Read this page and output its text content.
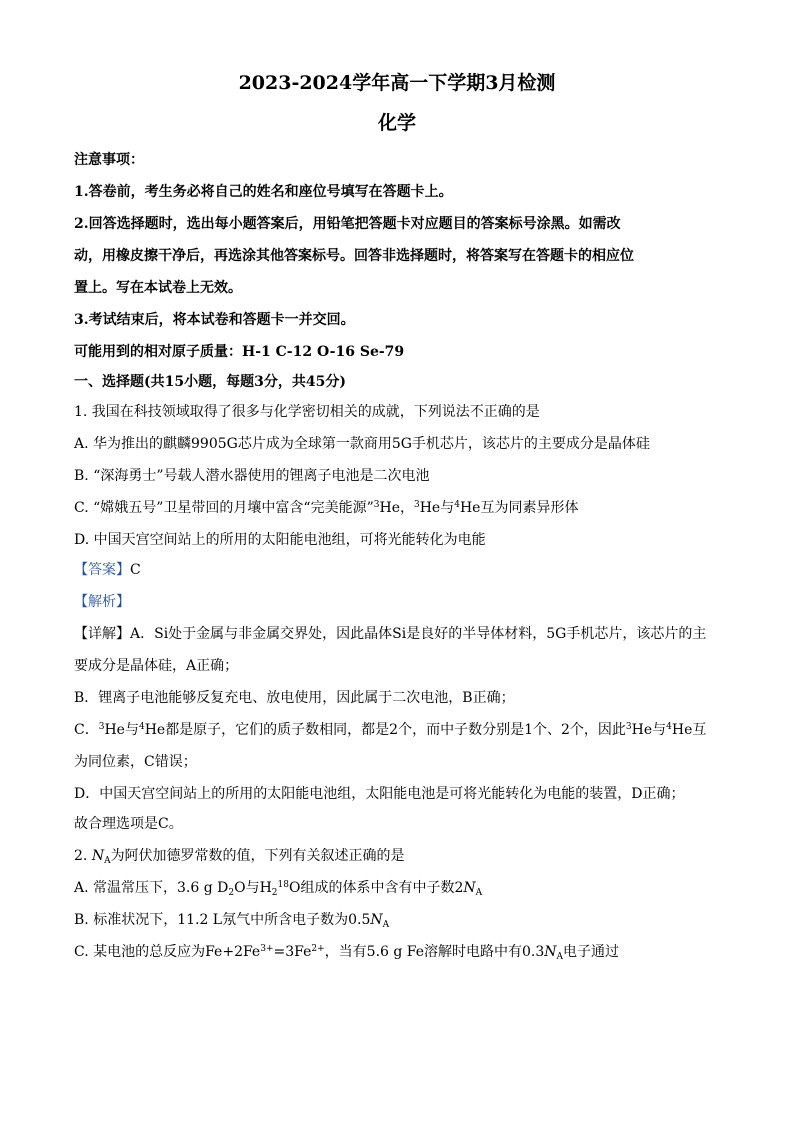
2023-2024学年高一下学期3月检测
化学
注意事项：
1.答卷前，考生务必将自己的姓名和座位号填写在答题卡上。
2.回答选择题时，选出每小题答案后，用铅笔把答题卡对应题目的答案标号涂黑。如需改
动，用橡皮擦干净后，再选涂其他答案标号。回答非选择题时，将答案写在答题卡的相应位
置上。写在本试卷上无效。
3.考试结束后，将本试卷和答题卡一并交回。
可能用到的相对原子质量：H-1 C-12 O-16 Se-79
一、选择题(共15小题，每题3分，共45分)
1. 我国在科技领域取得了很多与化学密切相关的成就，下列说法不正确的是
A. 华为推出的麒麟9905G芯片成为全球第一款商用5G手机芯片，该芯片的主要成分是晶体硅
B. “深海勇士”号载人潜水器使用的锂离子电池是二次电池
C. “嫦娥五号”卫星带回的月壤中富含“完美能源”$^3$He，$^3$He与$^4$He互为同素异形体
D. 中国天宫空间站上的所用的太阳能电池组，可将光能转化为电能
【答案】C
【解析】
【详解】A．Si处于金属与非金属交界处，因此晶体Si是良好的半导体材料，5G手机芯片，该芯片的主
要成分是晶体硅，A正确；
B．锂离子电池能够反复充电、放电使用，因此属于二次电池，B正确；
C．$^3$He与$^4$He都是原子，它们的质子数相同，都是2个，而中子数分别是1个、2个，因此$^3$He与$^4$He互
为同位素，C错误；
D．中国天宫空间站上的所用的太阳能电池组，太阳能电池是可将光能转化为电能的装置，D正确；
故合理选项是C。
2. $N_A$为阿伏加德罗常数的值，下列有关叙述正确的是
A. 常温常压下，3.6 g $D_2O$与$H_2^{18}O$组成的体系中含有中子数$2N_A$
B. 标准状况下，11.2 L氖气中所含电子数为$0.5N_A$
C. 某电池的总反应为$Fe+2Fe^{3+}=3Fe^{2+}$，当有5.6 g Fe溶解时电路中有$0.3N_A$电子通过
